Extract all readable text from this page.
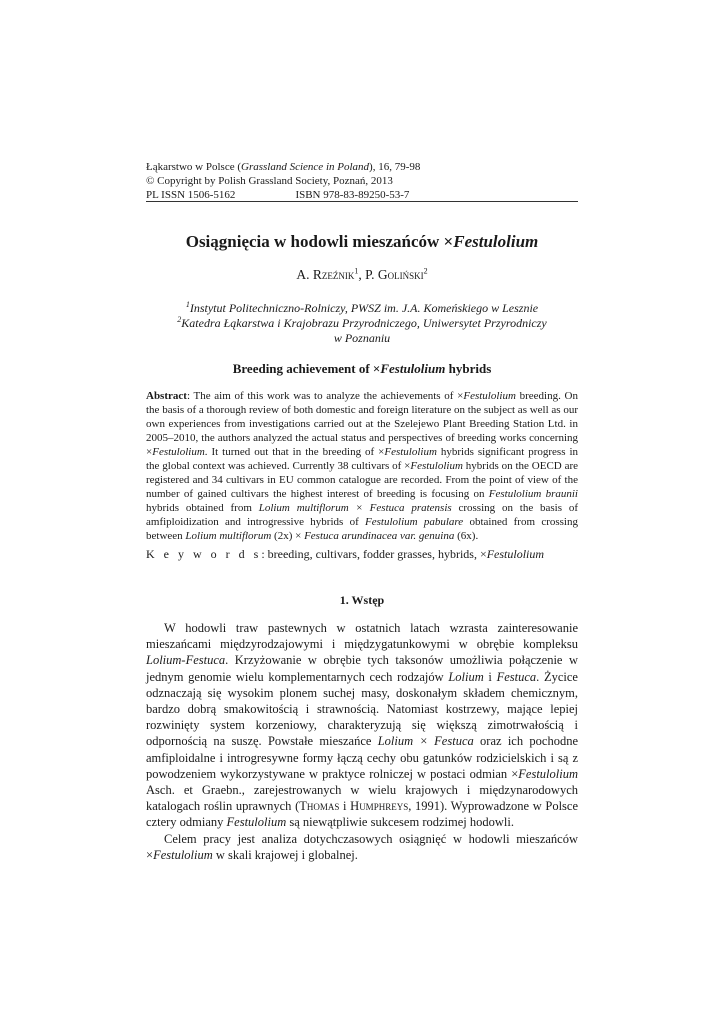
Łąkarstwo w Polsce (Grassland Science in Poland), 16, 79-98
© Copyright by Polish Grassland Society, Poznań, 2013
PL ISSN 1506-5162	ISBN 978-83-89250-53-7
Osiągnięcia w hodowli mieszańców ×Festulolium
A. Rzeźnik$^1$, P. Goliński$^2$
$^1$Instytut Politechniczno-Rolniczy, PWSZ im. J.A. Komeńskiego w Lesznie
$^2$Katedra Łąkarstwa i Krajobrazu Przyrodniczego, Uniwersytet Przyrodniczy
w Poznaniu
Breeding achievement of ×Festulolium hybrids
Abstract: The aim of this work was to analyze the achievements of ×Festulolium breeding. On the basis of a thorough review of both domestic and foreign literature on the subject as well as our own experiences from investigations carried out at the Szelejewo Plant Breeding Station Ltd. in 2005–2010, the authors analyzed the actual status and perspectives of breeding works concerning ×Festulolium. It turned out that in the breeding of ×Festulolium hybrids significant progress in the global context was achieved. Currently 38 cultivars of ×Festulolium hybrids on the OECD are registered and 34 cultivars in EU common catalogue are recorded. From the point of view of the number of gained cultivars the highest interest of breeding is focusing on Festulolium braunii hybrids obtained from Lolium multiflorum × Festuca pratensis crossing on the basis of amfiploidization and introgressive hybrids of Festulolium pabulare obtained from crossing between Lolium multiflorum (2x) × Festuca arundinacea var. genuina (6x).
K e y w o r d s: breeding, cultivars, fodder grasses, hybrids, ×Festulolium
1. Wstęp

W hodowli traw pastewnych w ostatnich latach wzrasta zainteresowanie mieszańcami międzyrodzajowymi i międzygatunkowymi w obrębie kompleksu Lolium-Festuca. Krzyżowanie w obrębie tych taksonów umożliwia połączenie w jednym genomie wielu komplementarnych cech rodzajów Lolium i Festuca. Życice odznaczają się wysokim plonem suchej masy, doskonałym składem chemicznym, bardzo dobrą smakowitością i strawnością. Natomiast kostrzewy, mające lepiej rozwinięty system korzeniowy, charakteryzują się większą zimotrwałością i odpornością na suszę. Powstałe mieszańce Lolium × Festuca oraz ich pochodne amfiploidalne i introgresywne formy łączą cechy obu gatunków rodzicielskich i są z powodzeniem wykorzystywane w praktyce rolniczej w postaci odmian ×Festulolium Asch. et Graebn., zarejestrowanych w wielu krajowych i międzynarodowych katalogach roślin uprawnych (Thomas i Humphreys, 1991). Wyprowadzone w Polsce cztery odmiany Festulolium są niewątpliwie sukcesem rodzimej hodowli.

Celem pracy jest analiza dotychczasowych osiągnięć w hodowli mieszańców ×Festulolium w skali krajowej i globalnej.
